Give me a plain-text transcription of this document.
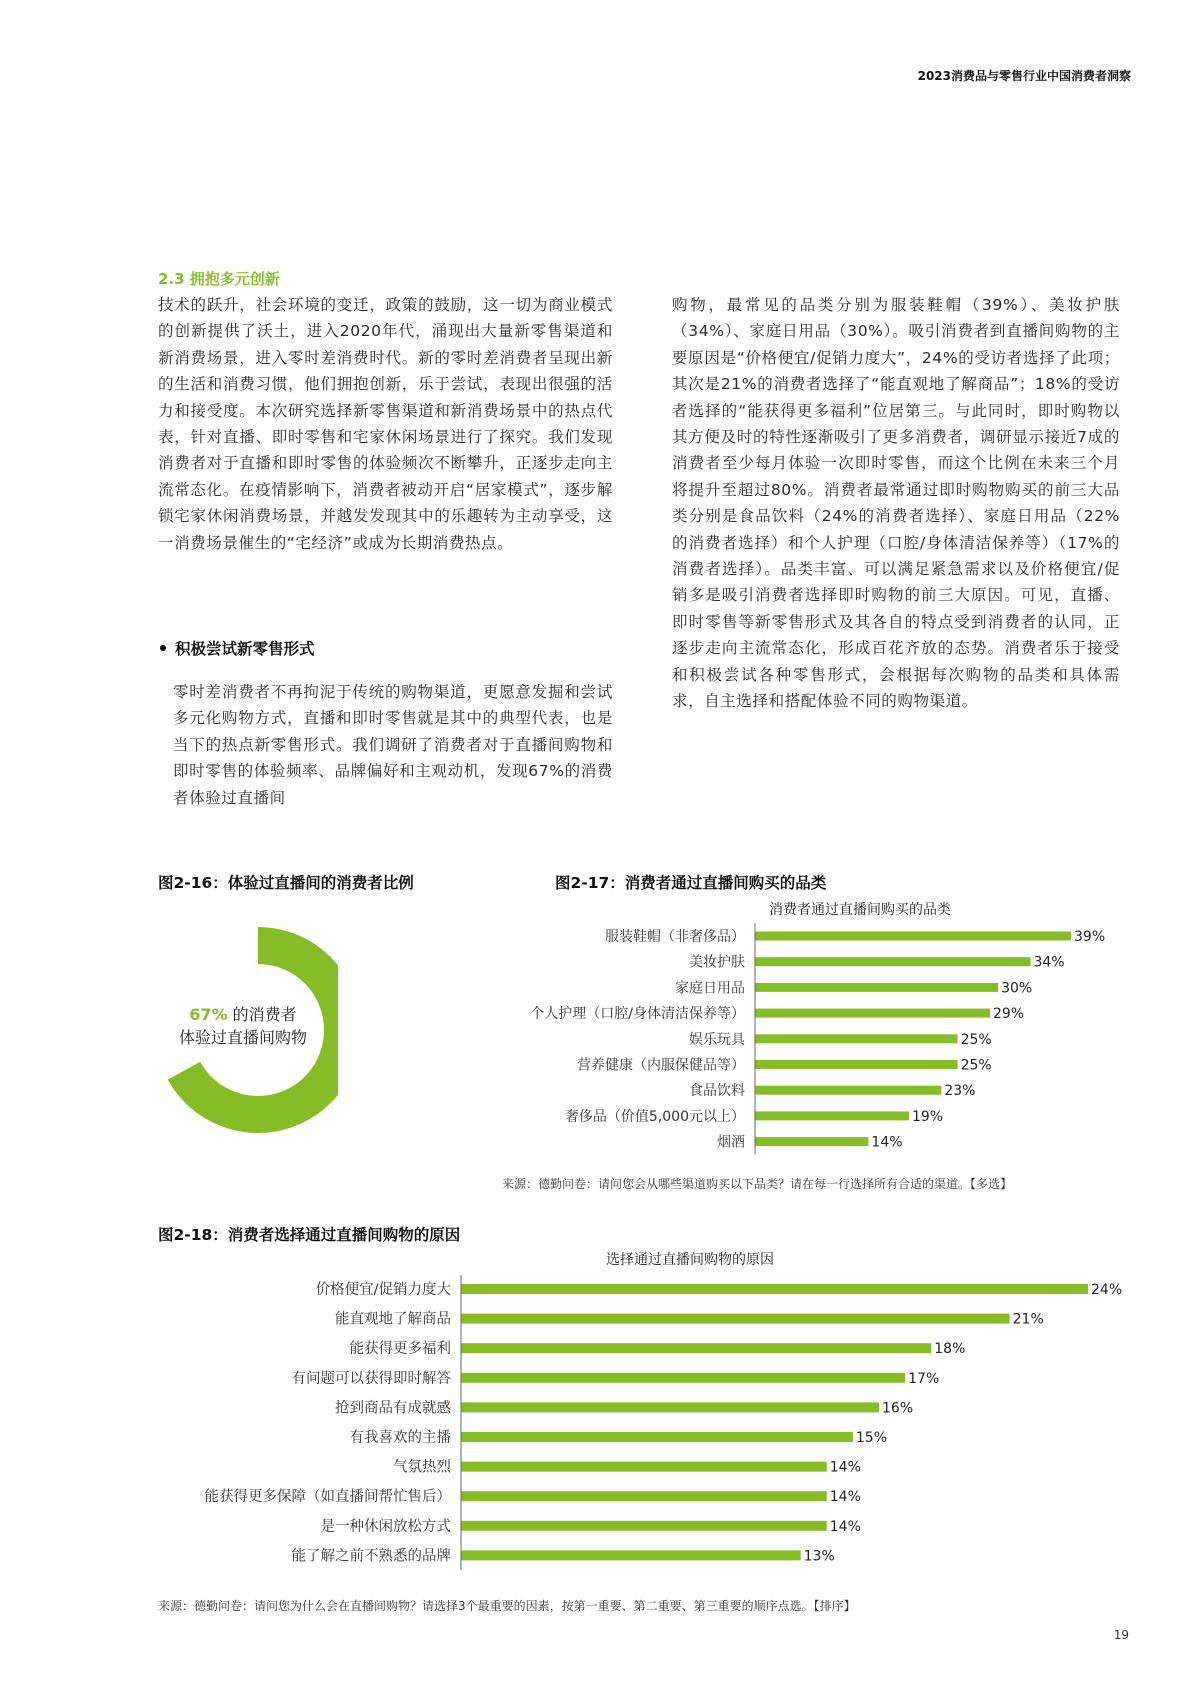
2023消费品与零售行业中国消费者洞察
2.3 拥抱多元创新
技术的跃升，社会环境的变迁，政策的鼓励，这一切为商业模式的创新提供了沃土，进入2020年代，涌现出大量新零售渠道和新消费场景，进入零时差消费时代。新的零时差消费者呈现出新的生活和消费习惯，他们拥抱创新，乐于尝试，表现出很强的活力和接受度。本次研究选择新零售渠道和新消费场景中的热点代表，针对直播、即时零售和宅家休闲场景进行了探究。我们发现消费者对于直播和即时零售的体验频次不断攀升，正逐步走向主流常态化。在疫情影响下，消费者被动开启“居家模式”，逐步解锁宅家休闲消费场景，并越发发现其中的乐趣转为主动享受，这一消费场景催生的“宅经济”或成为长期消费热点。
积极尝试新零售形式
零时差消费者不再拘泥于传统的购物渠道，更愿意发掘和尝试多元化购物方式，直播和即时零售就是其中的典型代表，也是当下的热点新零售形式。我们调研了消费者对于直播间购物和即时零售的体验频率、品牌偏好和主观动机，发现67%的消费者体验过直播间
购物，最常见的品类分别为服装鞋帽（39%）、美妆护肤（34%）、家庭日用品（30%）。吸引消费者到直播间购物的主要原因是“价格便宜/促销力度大”，24%的受访者选择了此项；其次是21%的消费者选择了“能直观地了解商品”；18%的受访者选择的“能获得更多福利”位居第三。与此同时，即时购物以其方便及时的特性逐渐吸引了更多消费者，调研显示接近7成的消费者至少每月体验一次即时零售，而这个比例在未来三个月将提升至超过80%。消费者最常通过即时购物购买的前三大品类分别是食品饮料（24%的消费者选择）、家庭日用品（22%的消费者选择）和个人护理（口腔/身体清洁保养等）（17%的消费者选择）。品类丰富、可以满足紧急需求以及价格便宜/促销多是吸引消费者选择即时购物的前三大原因。可见，直播、即时零售等新零售形式及其各自的特点受到消费者的认同，正逐步走向主流常态化，形成百花齐放的态势。消费者乐于接受和积极尝试各种零售形式，会根据每次购物的品类和具体需求，自主选择和搭配体验不同的购物渠道。
图2-16：体验过直播间的消费者比例
67% 的消费者
体验过直播间购物
图2-17：消费者通过直播间购买的品类
消费者通过直播间购买的品类
服装鞋帽（非奢侈品）	39%
美妆护肤	34%
家庭日用品	30%
个人护理（口腔/身体清洁保养等）	29%
娱乐玩具	25%
营养健康（内服保健品等）	25%
食品饮料	23%
奢侈品（价值5,000元以上）	19%
烟酒	14%
来源：德勤问卷：请问您会从哪些渠道购买以下品类？请在每一行选择所有合适的渠道。【多选】
图2-18：消费者选择通过直播间购物的原因
选择通过直播间购物的原因
价格便宜/促销力度大	24%
能直观地了解商品	21%
能获得更多福利	18%
有问题可以获得即时解答	17%
抢到商品有成就感	16%
有我喜欢的主播	15%
气氛热烈	14%
能获得更多保障（如直播间帮忙售后）	14%
是一种休闲放松方式	14%
能了解之前不熟悉的品牌	13%
来源：德勤问卷：请问您为什么会在直播间购物？请选择3个最重要的因素，按第一重要、第二重要、第三重要的顺序点选。【排序】
19
